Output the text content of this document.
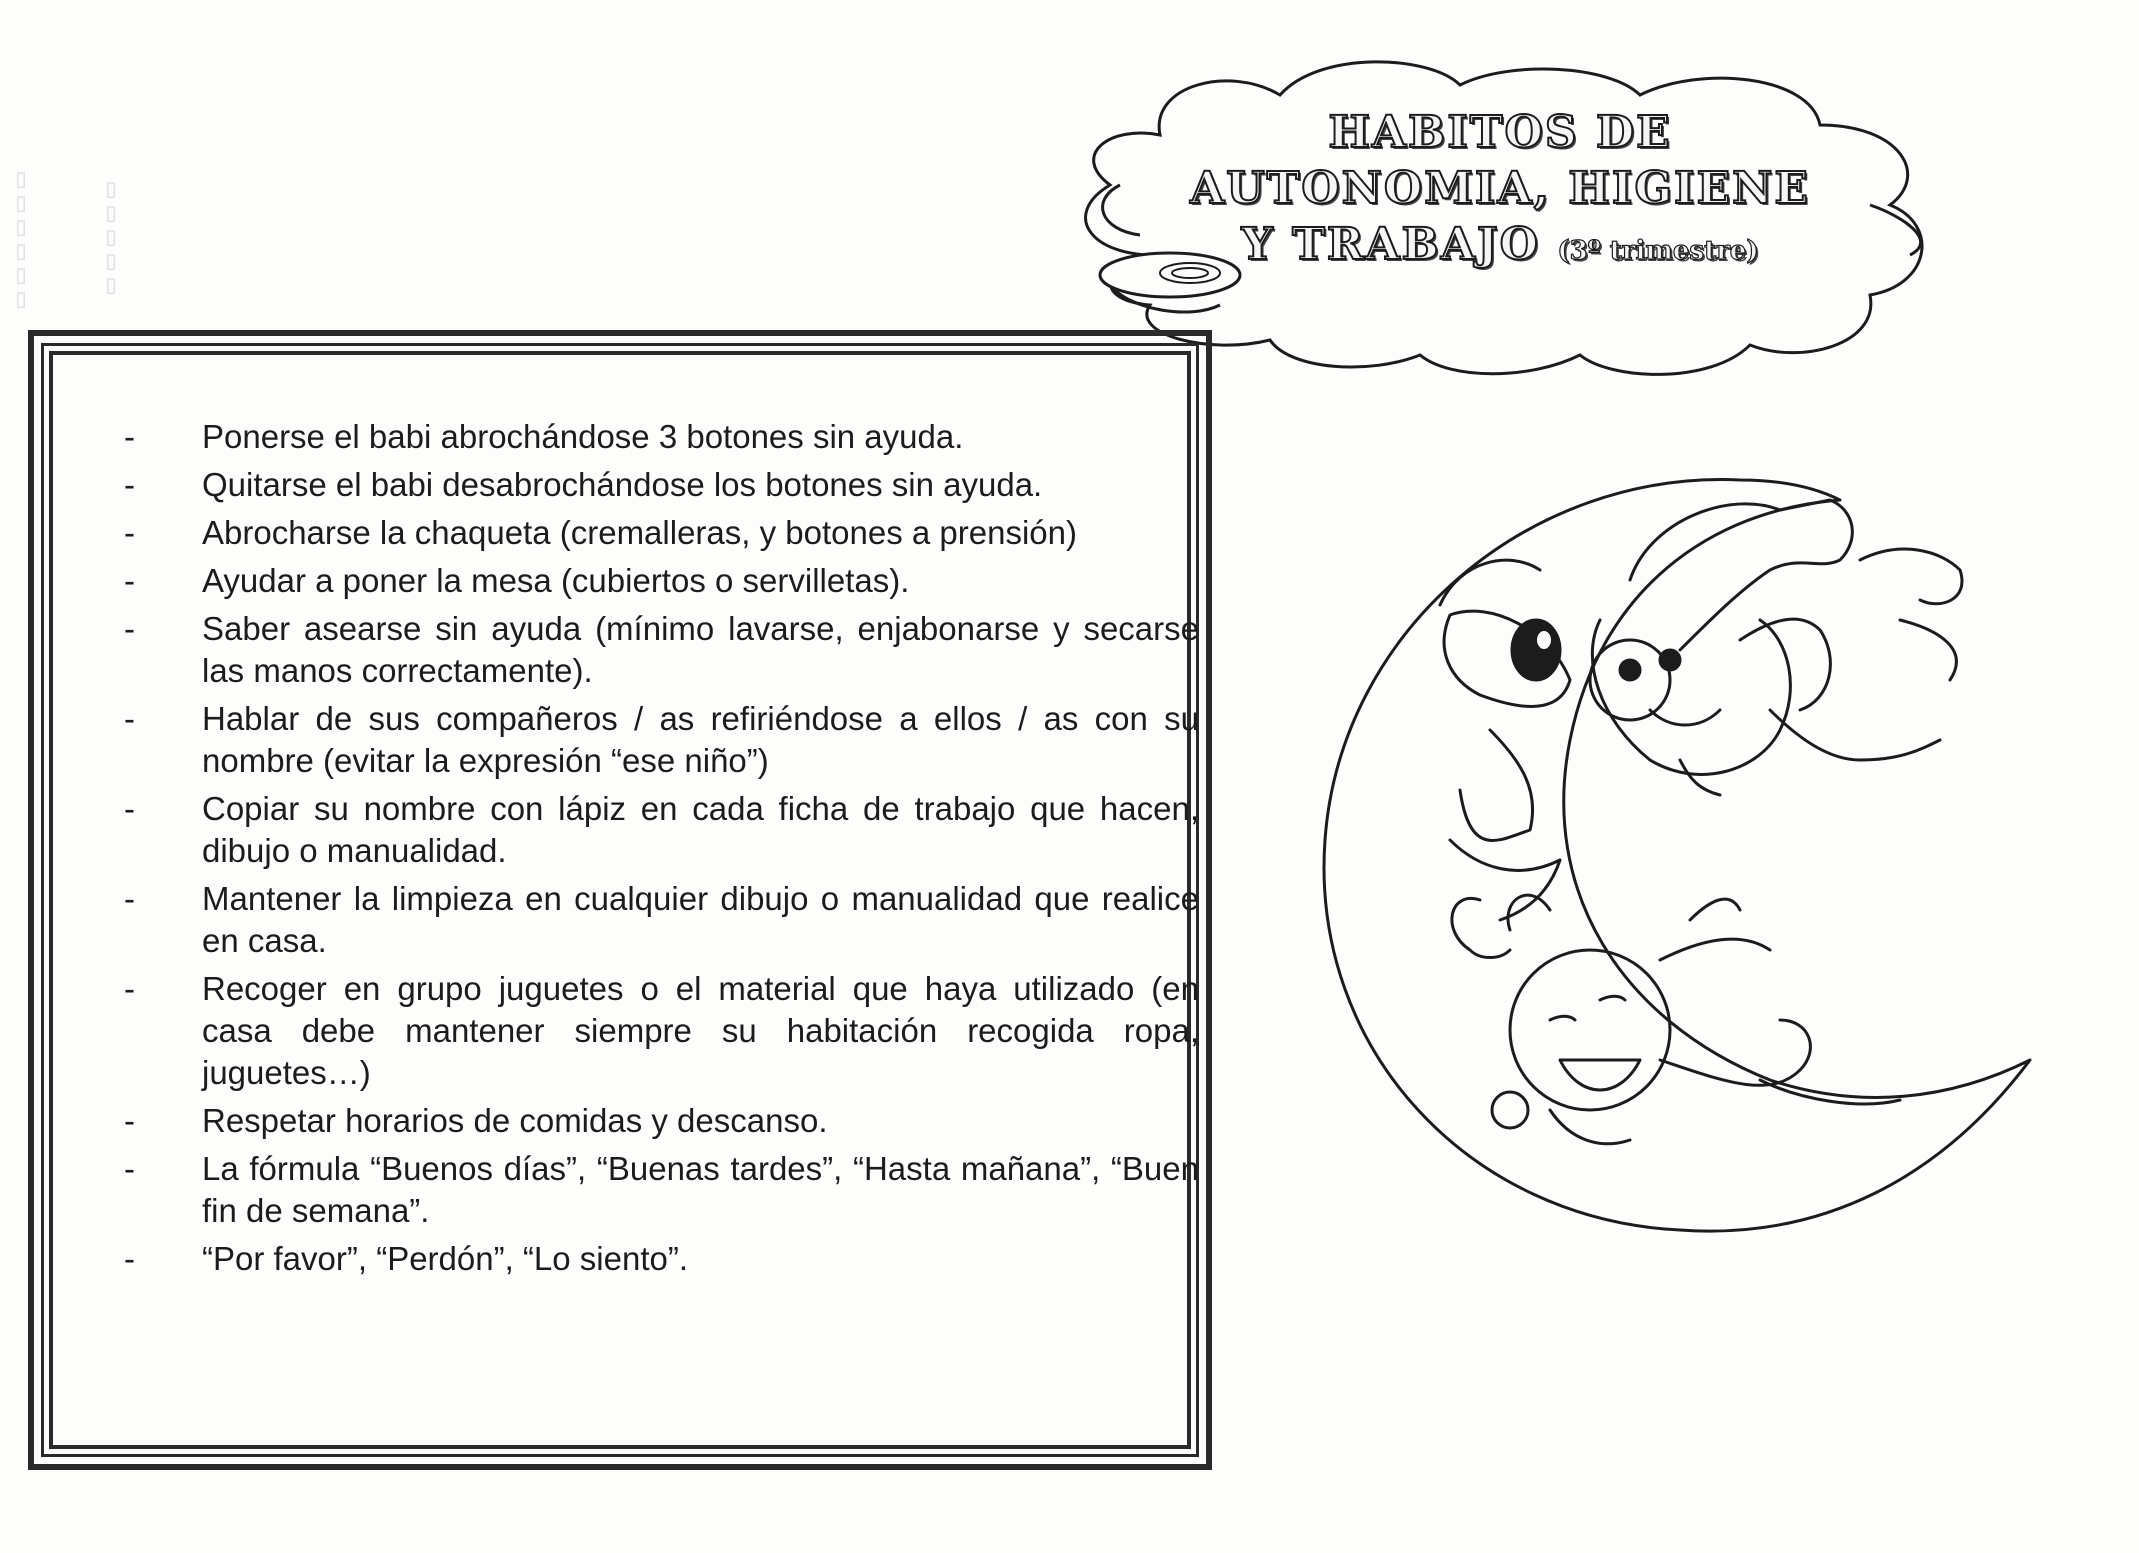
▯▯▯▯▯▯	▯▯▯▯▯
HABITOS DE
AUTONOMIA, HIGIENE
Y TRABAJO (3º trimestre)
- Ponerse el babi abrochándose 3 botones sin ayuda.
- Quitarse el babi desabrochándose los botones sin ayuda.
- Abrocharse la chaqueta (cremalleras, y botones a prensión)
- Ayudar a poner la mesa (cubiertos o servilletas).
- Saber asearse sin ayuda (mínimo lavarse, enjabonarse y secarse las manos correctamente).
- Hablar de sus compañeros / as refiriéndose a ellos / as con su nombre (evitar la expresión “ese niño”)
- Copiar su nombre con lápiz en cada ficha de trabajo que hacen, dibujo o manualidad.
- Mantener la limpieza en cualquier dibujo o manualidad que realice en casa.
- Recoger en grupo juguetes o el material que haya utilizado (en casa debe mantener siempre su habitación recogida ropa, juguetes…)
- Respetar horarios de comidas y descanso.
- La fórmula “Buenos días”, “Buenas tardes”, “Hasta mañana”, “Buen fin de semana”.
- “Por favor”, “Perdón”, “Lo siento”.
